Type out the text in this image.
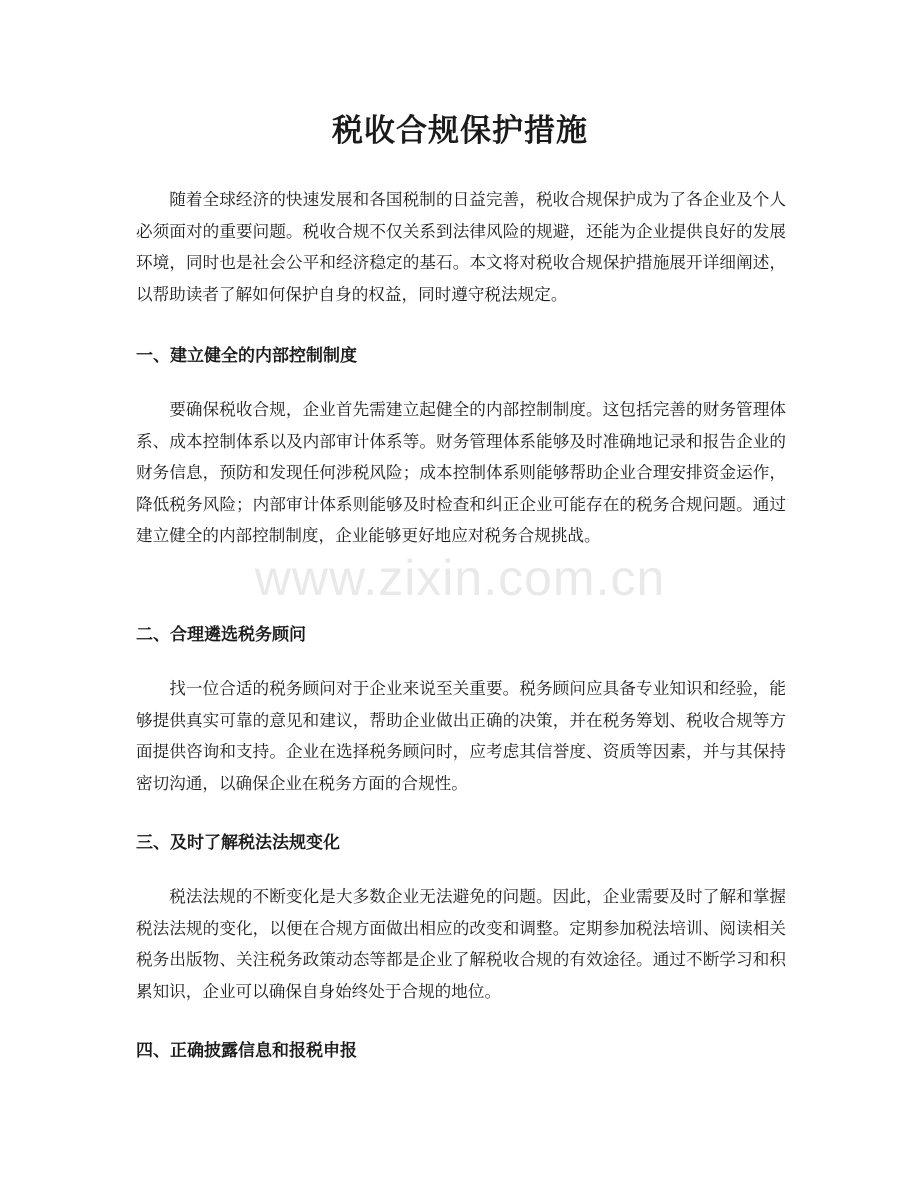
税收合规保护措施

随着全球经济的快速发展和各国税制的日益完善，税收合规保护成为了各企业及个人必须面对的重要问题。税收合规不仅关系到法律风险的规避，还能为企业提供良好的发展环境，同时也是社会公平和经济稳定的基石。本文将对税收合规保护措施展开详细阐述，以帮助读者了解如何保护自身的权益，同时遵守税法规定。

一、建立健全的内部控制制度

要确保税收合规，企业首先需建立起健全的内部控制制度。这包括完善的财务管理体系、成本控制体系以及内部审计体系等。财务管理体系能够及时准确地记录和报告企业的财务信息，预防和发现任何涉税风险；成本控制体系则能够帮助企业合理安排资金运作，降低税务风险；内部审计体系则能够及时检查和纠正企业可能存在的税务合规问题。通过建立健全的内部控制制度，企业能够更好地应对税务合规挑战。

二、合理遴选税务顾问

找一位合适的税务顾问对于企业来说至关重要。税务顾问应具备专业知识和经验，能够提供真实可靠的意见和建议，帮助企业做出正确的决策，并在税务筹划、税收合规等方面提供咨询和支持。企业在选择税务顾问时，应考虑其信誉度、资质等因素，并与其保持密切沟通，以确保企业在税务方面的合规性。

三、及时了解税法法规变化

税法法规的不断变化是大多数企业无法避免的问题。因此，企业需要及时了解和掌握税法法规的变化，以便在合规方面做出相应的改变和调整。定期参加税法培训、阅读相关税务出版物、关注税务政策动态等都是企业了解税收合规的有效途径。通过不断学习和积累知识，企业可以确保自身始终处于合规的地位。

四、正确披露信息和报税申报
www.zixin.com.cn
